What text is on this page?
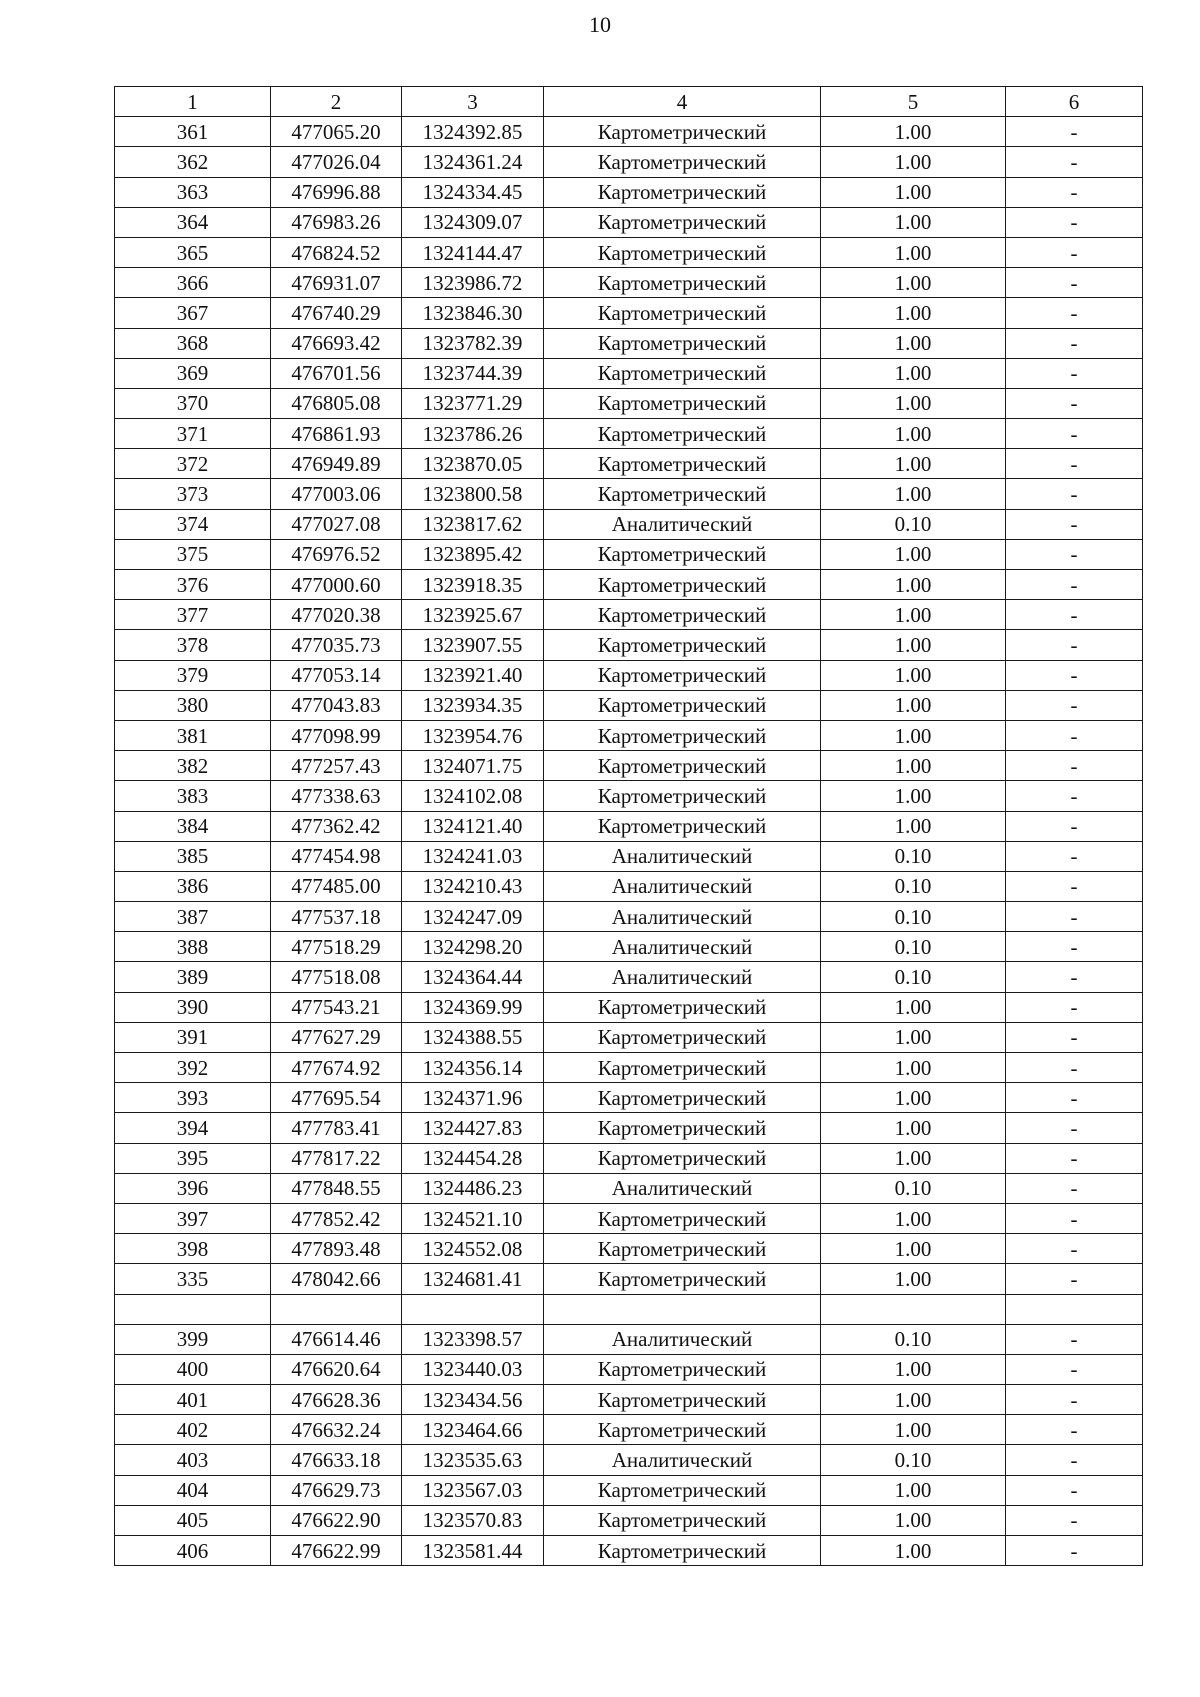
10
1	2	3	4	5	6
361	477065.20	1324392.85	Картометрический	1.00	-
362	477026.04	1324361.24	Картометрический	1.00	-
363	476996.88	1324334.45	Картометрический	1.00	-
364	476983.26	1324309.07	Картометрический	1.00	-
365	476824.52	1324144.47	Картометрический	1.00	-
366	476931.07	1323986.72	Картометрический	1.00	-
367	476740.29	1323846.30	Картометрический	1.00	-
368	476693.42	1323782.39	Картометрический	1.00	-
369	476701.56	1323744.39	Картометрический	1.00	-
370	476805.08	1323771.29	Картометрический	1.00	-
371	476861.93	1323786.26	Картометрический	1.00	-
372	476949.89	1323870.05	Картометрический	1.00	-
373	477003.06	1323800.58	Картометрический	1.00	-
374	477027.08	1323817.62	Аналитический	0.10	-
375	476976.52	1323895.42	Картометрический	1.00	-
376	477000.60	1323918.35	Картометрический	1.00	-
377	477020.38	1323925.67	Картометрический	1.00	-
378	477035.73	1323907.55	Картометрический	1.00	-
379	477053.14	1323921.40	Картометрический	1.00	-
380	477043.83	1323934.35	Картометрический	1.00	-
381	477098.99	1323954.76	Картометрический	1.00	-
382	477257.43	1324071.75	Картометрический	1.00	-
383	477338.63	1324102.08	Картометрический	1.00	-
384	477362.42	1324121.40	Картометрический	1.00	-
385	477454.98	1324241.03	Аналитический	0.10	-
386	477485.00	1324210.43	Аналитический	0.10	-
387	477537.18	1324247.09	Аналитический	0.10	-
388	477518.29	1324298.20	Аналитический	0.10	-
389	477518.08	1324364.44	Аналитический	0.10	-
390	477543.21	1324369.99	Картометрический	1.00	-
391	477627.29	1324388.55	Картометрический	1.00	-
392	477674.92	1324356.14	Картометрический	1.00	-
393	477695.54	1324371.96	Картометрический	1.00	-
394	477783.41	1324427.83	Картометрический	1.00	-
395	477817.22	1324454.28	Картометрический	1.00	-
396	477848.55	1324486.23	Аналитический	0.10	-
397	477852.42	1324521.10	Картометрический	1.00	-
398	477893.48	1324552.08	Картометрический	1.00	-
335	478042.66	1324681.41	Картометрический	1.00	-

399	476614.46	1323398.57	Аналитический	0.10	-
400	476620.64	1323440.03	Картометрический	1.00	-
401	476628.36	1323434.56	Картометрический	1.00	-
402	476632.24	1323464.66	Картометрический	1.00	-
403	476633.18	1323535.63	Аналитический	0.10	-
404	476629.73	1323567.03	Картометрический	1.00	-
405	476622.90	1323570.83	Картометрический	1.00	-
406	476622.99	1323581.44	Картометрический	1.00	-
